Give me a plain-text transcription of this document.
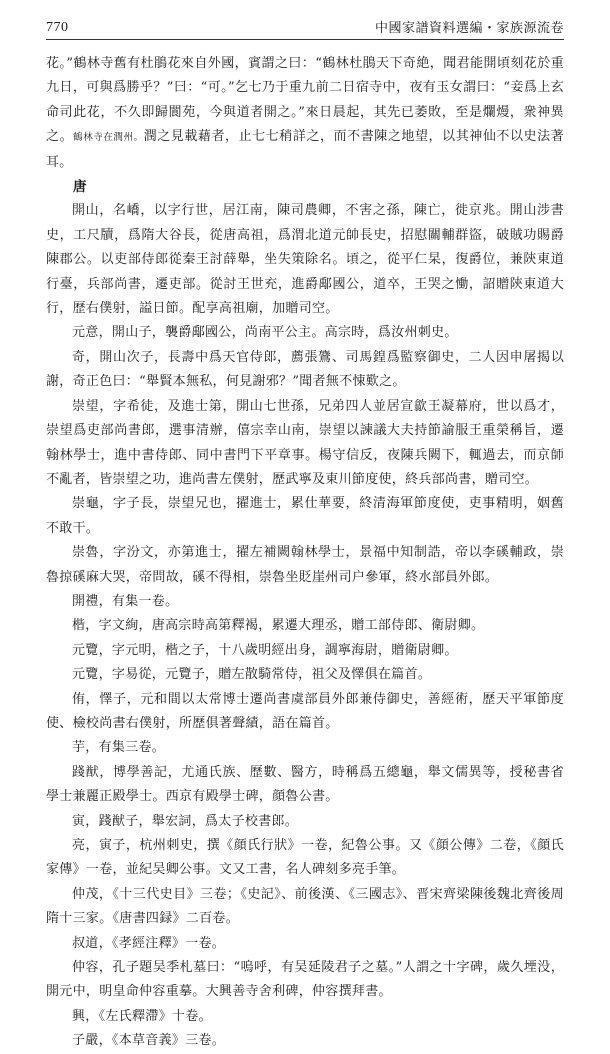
770	中國家譜資料選編・家族源流卷

花。”鶴林寺舊有杜鵑花來自外國，賓謂之曰：“鶴林杜鵑天下奇絶，聞君能開頃刻花於重九日，可與爲勝乎？”曰：“可。”乞七乃于重九前二日宿寺中，夜有玉女謂曰：“妾爲上玄命司此花，不久即歸閬苑，今與道者開之。”來日晨起，其先已萎敗，至是爛熳，衆神異之。鶴林寺在潤州。潤之見載藉者，止七七稍詳之，而不書陳之地望，以其神仙不以史法著耳。

唐

開山，名嶠，以字行世，居江南，陳司農卿，不害之孫，陳亡，徙京兆。開山涉書史，工尺牘，爲隋大谷長，從唐高祖，爲渭北道元帥長史，招慰關輔群盜，破賊功賜爵陳郡公。以吏部侍郎從秦王討薛舉，坐失策除名。頃之，從平仁杲，復爵位，兼陝東道行臺，兵部尚書，遷吏部。從討王世充，進爵鄅國公，道卒，王哭之慟，詔贈陝東道大行，歷右僕射，謚日節。配享高祖廟，加贈司空。

元意，開山子，襲爵鄅國公，尚南平公主。高宗時，爲汝州刺史。

奇，開山次子，長壽中爲天官侍郎，薦張鷟、司馬鍠爲監察御史，二人因申屠揭以謝，奇正色曰：“舉賢本無私，何見謝邪？”聞者無不悚歎之。

崇望，字希徒，及進士第，開山七世孫，兄弟四人並居宣歙王凝幕府，世以爲才，崇望爲吏部尚書郎，選事清辦，僖宗幸山南，崇望以諫議大夫持節諭服王重榮稱旨，遷翰林學士，進中書侍郎、同中書門下平章事。楊守信反，夜陳兵闕下，輒過去，而京師不亂者，皆崇望之功，進尚書左僕射，歷武寧及東川節度使，終兵部尚書，贈司空。

崇龜，字子長，崇望兄也，擢進士，累仕華要，終清海軍節度使，吏事精明，姻舊不敢干。

崇魯，字汾文，亦第進士，擢左補闕翰林學士，景福中知制誥，帝以李磎輔政，崇魯掠磎麻大哭，帝問故，磎不得相，崇魯坐貶崖州司户參軍，終水部員外郎。

開禮，有集一卷。

楷，字文絢，唐高宗時高第釋褐，累遷大理丞，贈工部侍郎、衛尉卿。

元覽，字元明，楷之子，十八歲明經出身，調寧海尉，贈衛尉卿。

元覽，字易從，元覽子，贈左散騎常侍，祖父及懌俱在篇首。

侑，懌子，元和間以太常博士遷尚書虞部員外郎兼侍御史，善經術，歷天平軍節度使、檢校尚書右僕射，所歷俱著聲績，語在篇首。

芋，有集三卷。

踐猷，博學善記，尤通氏族、歷數、醫方，時稱爲五總龜，舉文儒異等，授秘書省學士兼麗正殿學士。西京有殿學士碑，顔魯公書。

寅，踐猷子，舉宏詞，爲太子校書郎。

亮，寅子，杭州刺史，撰《顔氏行狀》一卷，紀魯公事。又《顔公傳》二卷，《顔氏家傳》一卷，並紀吴卿公事。文又工書，名人碑刻多亮手筆。

仲茂，《十三代史目》三卷；《史記》、前後漢、《三國志》、晋宋齊梁陳後魏北齊後周隋十三家。《唐書四録》二百卷。

叔道，《孝經注釋》一卷。

仲容，孔子題吴季札墓曰：“嗚呼，有吴延陵君子之墓。”人謂之十字碑，歲久堙没，開元中，明皇命仲容重摹。大興善寺舍利碑，仲容撰拜書。

興，《左氏釋滯》十卷。

子嚴，《本草音義》三卷。
